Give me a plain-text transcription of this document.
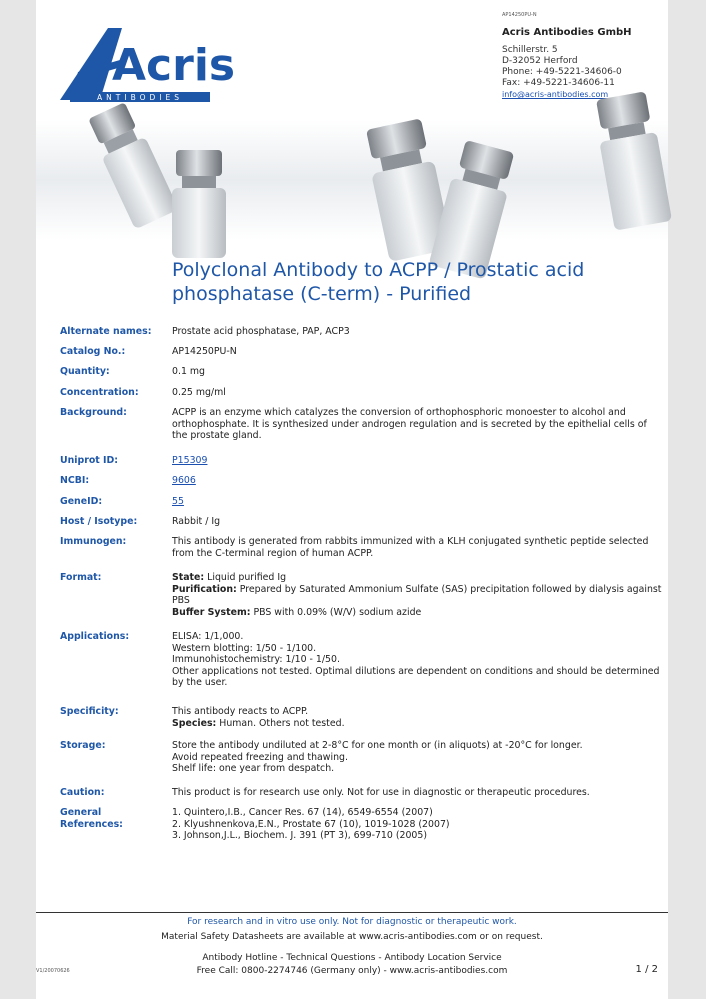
Acris
ANTIBODIES
AP14250PU-N
Acris Antibodies GmbH
Schillerstr. 5
D-32052 Herford
Phone: +49-5221-34606-0
Fax: +49-5221-34606-11
info@acris-antibodies.com
Polyclonal Antibody to ACPP / Prostatic acid phosphatase (C-term) - Purified
Alternate names:	Prostate acid phosphatase, PAP, ACP3
Catalog No.:	AP14250PU-N
Quantity:	0.1 mg
Concentration:	0.25 mg/ml
Background:	ACPP is an enzyme which catalyzes the conversion of orthophosphoric monoester to alcohol and orthophosphate. It is synthesized under androgen regulation and is secreted by the epithelial cells of the prostate gland.
Uniprot ID:	P15309
NCBI:	9606
GeneID:	55
Host / Isotype:	Rabbit / Ig
Immunogen:	This antibody is generated from rabbits immunized with a KLH conjugated synthetic peptide selected from the C-terminal region of human ACPP.
Format:	State: Liquid purified Ig
Purification: Prepared by Saturated Ammonium Sulfate (SAS) precipitation followed by dialysis against PBS
Buffer System: PBS with 0.09% (W/V) sodium azide
Applications:	ELISA: 1/1,000.
Western blotting: 1/50 - 1/100.
Immunohistochemistry: 1/10 - 1/50.
Other applications not tested. Optimal dilutions are dependent on conditions and should be determined by the user.
Specificity:	This antibody reacts to ACPP.
Species: Human. Others not tested.
Storage:	Store the antibody undiluted at 2-8°C for one month or (in aliquots) at -20°C for longer.
Avoid repeated freezing and thawing.
Shelf life: one year from despatch.
Caution:	This product is for research use only. Not for use in diagnostic or therapeutic procedures.
General
References:
1. Quintero,I.B., Cancer Res. 67 (14), 6549-6554 (2007)
2. Klyushnenkova,E.N., Prostate 67 (10), 1019-1028 (2007)
3. Johnson,J.L., Biochem. J. 391 (PT 3), 699-710 (2005)
For research and in vitro use only. Not for diagnostic or therapeutic work.
Material Safety Datasheets are available at www.acris-antibodies.com or on request.
Antibody Hotline - Technical Questions - Antibody Location Service
Free Call: 0800-2274746 (Germany only) - www.acris-antibodies.com
V1/20070626	1 / 2
